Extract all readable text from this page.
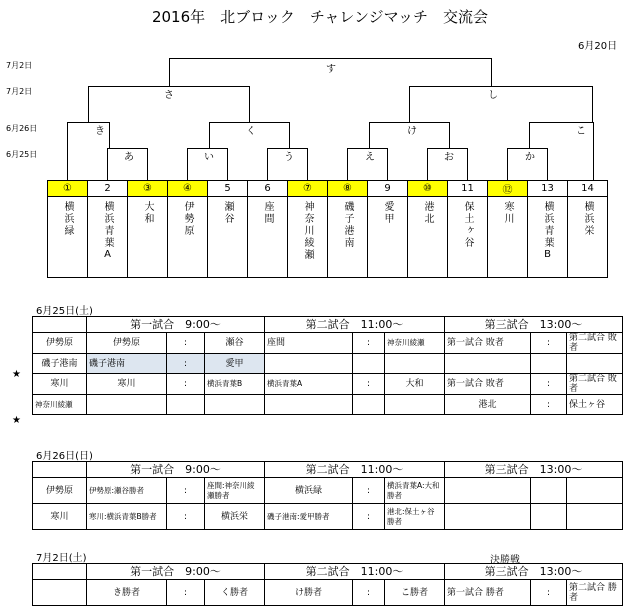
2016年　北ブロック　チャレンジマッチ　交流会
6月20日
7月2日
7月2日
6月26日
6月25日
す
さ	し
き	く	け	こ
あ	い	う	え	お	か
①	2	③	④	5	6	⑦	⑧	9	⑩	11	⑫	13	14

横浜緑	横浜青葉A	大和	伊勢原	瀬谷	座間	神奈川綾瀬	磯子港南	愛甲	港北	保土ヶ谷	寒川	横浜青葉B	横浜栄
6月25日(土)
	第一試合　9:00～			第二試合　11:00～			第三試合　13:00～		
伊勢原	伊勢原	:	瀬谷	座間	:	神奈川綾瀬	第一試合 敗者	:	第二試合 敗者
磯子港南	磯子港南	:	愛甲						
寒川	寒川	:	横浜青葉B	横浜青葉A	:	大和	第一試合 敗者	:	第二試合 敗者
神奈川綾瀬							港北	:	保土ヶ谷
★
★
6月26日(日)
	第一試合　9:00～			第二試合　11:00～			第三試合　13:00～		
伊勢原	伊勢原:瀬谷勝者	:	座間:神奈川綾瀬勝者	横浜緑	:	横浜青葉A:大和勝者			
寒川	寒川:横浜青葉B勝者	:	横浜栄	磯子港南:愛甲勝者	:	港北:保土ヶ谷勝者			
7月2日(土)	決勝戦
	第一試合　9:00～			第二試合　11:00～			第三試合　13:00～		
	き勝者	:	く勝者	け勝者	:	こ勝者	第一試合 勝者	:	第二試合 勝者
